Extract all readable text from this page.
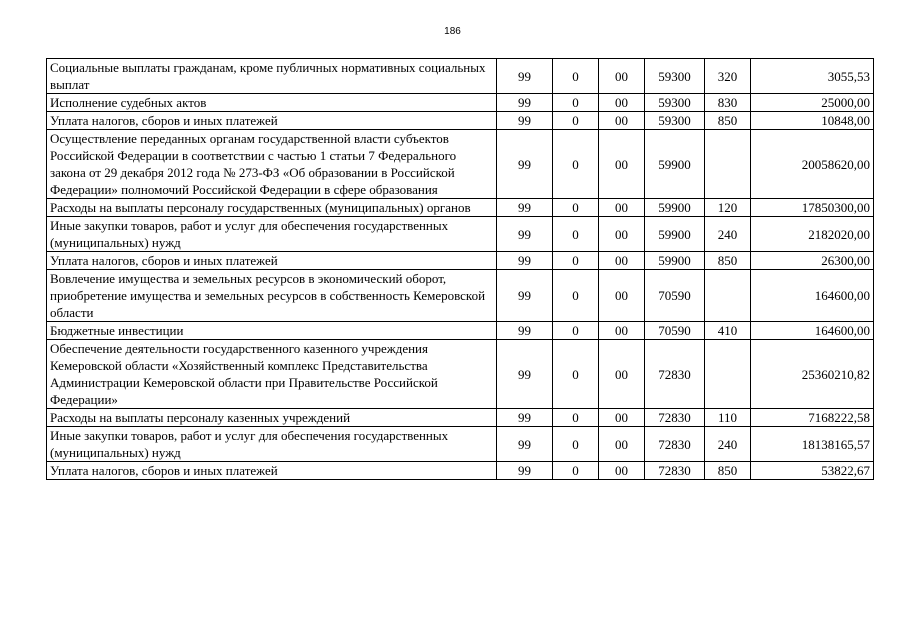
186
Социальные выплаты гражданам, кроме публичных нормативных социальных выплат	99	0	00	59300	320	3055,53
Исполнение судебных актов	99	0	00	59300	830	25000,00
Уплата налогов, сборов и иных платежей	99	0	00	59300	850	10848,00
Осуществление переданных органам государственной власти субъектов Российской Федерации в соответствии с частью 1 статьи 7 Федерального закона от 29 декабря 2012 года № 273-ФЗ «Об образовании в Российской Федерации» полномочий Российской Федерации в сфере образования	99	0	00	59900		20058620,00
Расходы на выплаты персоналу государственных (муниципальных) органов	99	0	00	59900	120	17850300,00
Иные закупки товаров, работ и услуг для обеспечения государственных (муниципальных) нужд	99	0	00	59900	240	2182020,00
Уплата налогов, сборов и иных платежей	99	0	00	59900	850	26300,00
Вовлечение имущества и земельных ресурсов в экономический оборот, приобретение имущества и земельных ресурсов в собственность Кемеровской области	99	0	00	70590		164600,00
Бюджетные инвестиции	99	0	00	70590	410	164600,00
Обеспечение деятельности государственного казенного учреждения Кемеровской области «Хозяйственный комплекс Представительства Администрации Кемеровской области при Правительстве Российской Федерации»	99	0	00	72830		25360210,82
Расходы на выплаты персоналу казенных учреждений	99	0	00	72830	110	7168222,58
Иные закупки товаров, работ и услуг для обеспечения государственных (муниципальных) нужд	99	0	00	72830	240	18138165,57
Уплата налогов, сборов и иных платежей	99	0	00	72830	850	53822,67
